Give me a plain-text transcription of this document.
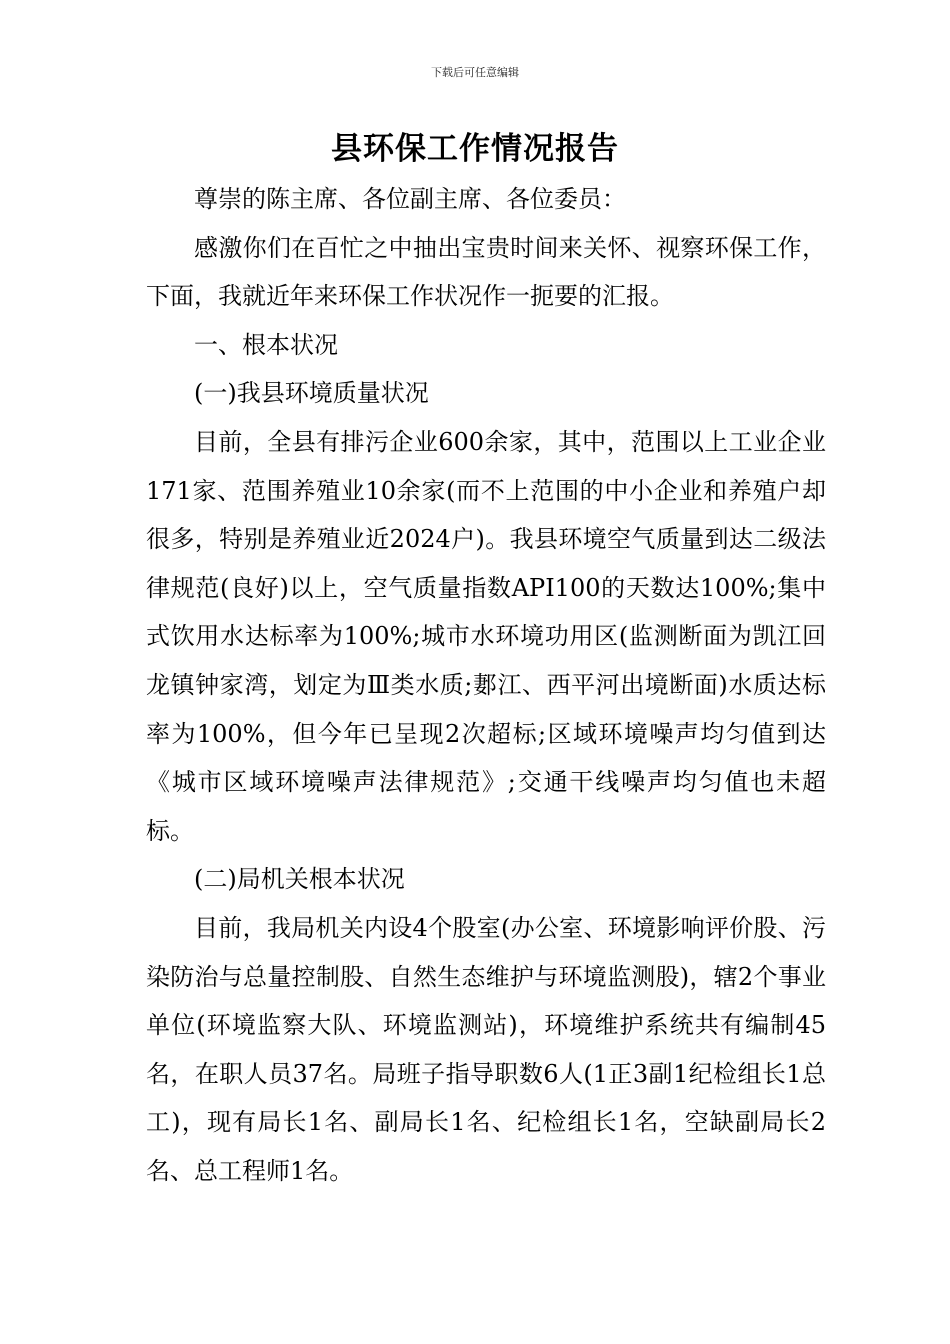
下载后可任意编辑
县环保工作情况报告

尊崇的陈主席、各位副主席、各位委员：

感激你们在百忙之中抽出宝贵时间来关怀、视察环保工作，下面，我就近年来环保工作状况作一扼要的汇报。

一、根本状况

(一)我县环境质量状况

目前，全县有排污企业600余家，其中，范围以上工业企业171家、范围养殖业10余家(而不上范围的中小企业和养殖户却很多，特别是养殖业近2024户)。我县环境空气质量到达二级法律规范(良好)以上，空气质量指数API100的天数达100%;集中式饮用水达标率为100%;城市水环境功用区(监测断面为凯江回龙镇钟家湾，划定为Ⅲ类水质;郪江、西平河出境断面)水质达标率为100%，但今年已呈现2次超标;区域环境噪声均匀值到达《城市区域环境噪声法律规范》;交通干线噪声均匀值也未超标。

(二)局机关根本状况

目前，我局机关内设4个股室(办公室、环境影响评价股、污染防治与总量控制股、自然生态维护与环境监测股)，辖2个事业单位(环境监察大队、环境监测站)，环境维护系统共有编制45名，在职人员37名。局班子指导职数6人(1正3副1纪检组长1总工)，现有局长1名、副局长1名、纪检组长1名，空缺副局长2名、总工程师1名。
